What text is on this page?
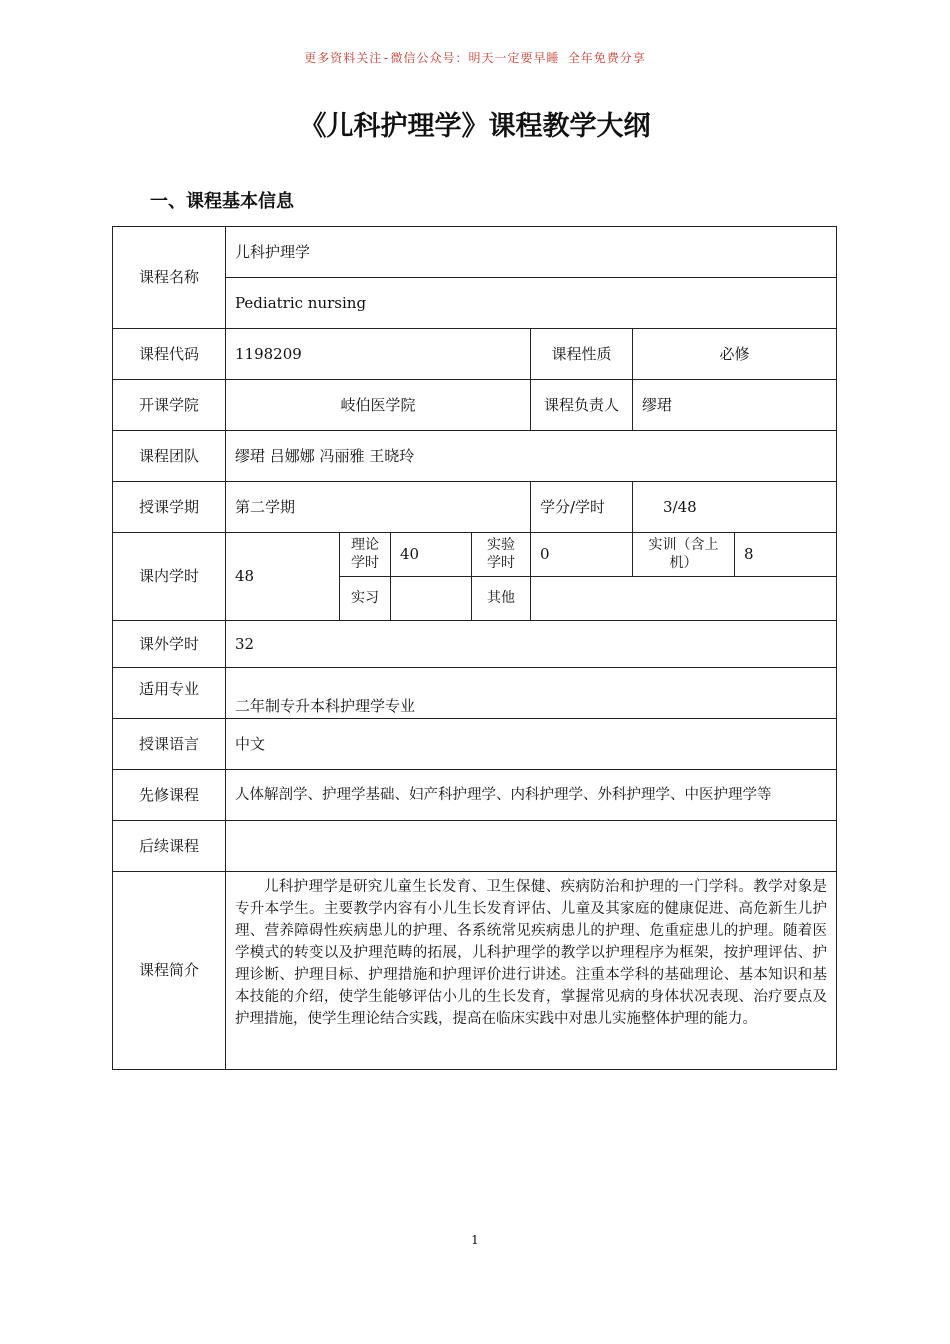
更多资料关注-微信公众号：明天一定要早睡 全年免费分享
《儿科护理学》课程教学大纲
一、课程基本信息
课程名称	儿科护理学						
	Pediatric nursing						
课程代码	1198209				课程性质	必修	
开课学院	岐伯医学院				课程负责人	缪珺	
课程团队	缪珺 吕娜娜 冯丽雅 王晓玲						
授课学期	第二学期				学分/学时	3/48	
课内学时	48	理论学时	40	实验学时	0	实训（含上机）	8
		实习		其他			
课外学时	32						
适用专业	二年制专升本科护理学专业						
授课语言	中文						
先修课程	人体解剖学、护理学基础、妇产科护理学、内科护理学、外科护理学、中医护理学等						
后续课程							
课程简介	儿科护理学是研究儿童生长发育、卫生保健、疾病防治和护理的一门学科。教学对象是专升本学生。主要教学内容有小儿生长发育评估、儿童及其家庭的健康促进、高危新生儿护理、营养障碍性疾病患儿的护理、各系统常见疾病患儿的护理、危重症患儿的护理。随着医学模式的转变以及护理范畴的拓展，儿科护理学的教学以护理程序为框架，按护理评估、护理诊断、护理目标、护理措施和护理评价进行讲述。注重本学科的基础理论、基本知识和基本技能的介绍，使学生能够评估小儿的生长发育，掌握常见病的身体状况表现、治疗要点及护理措施，使学生理论结合实践，提高在临床实践中对患儿实施整体护理的能力。						
1
